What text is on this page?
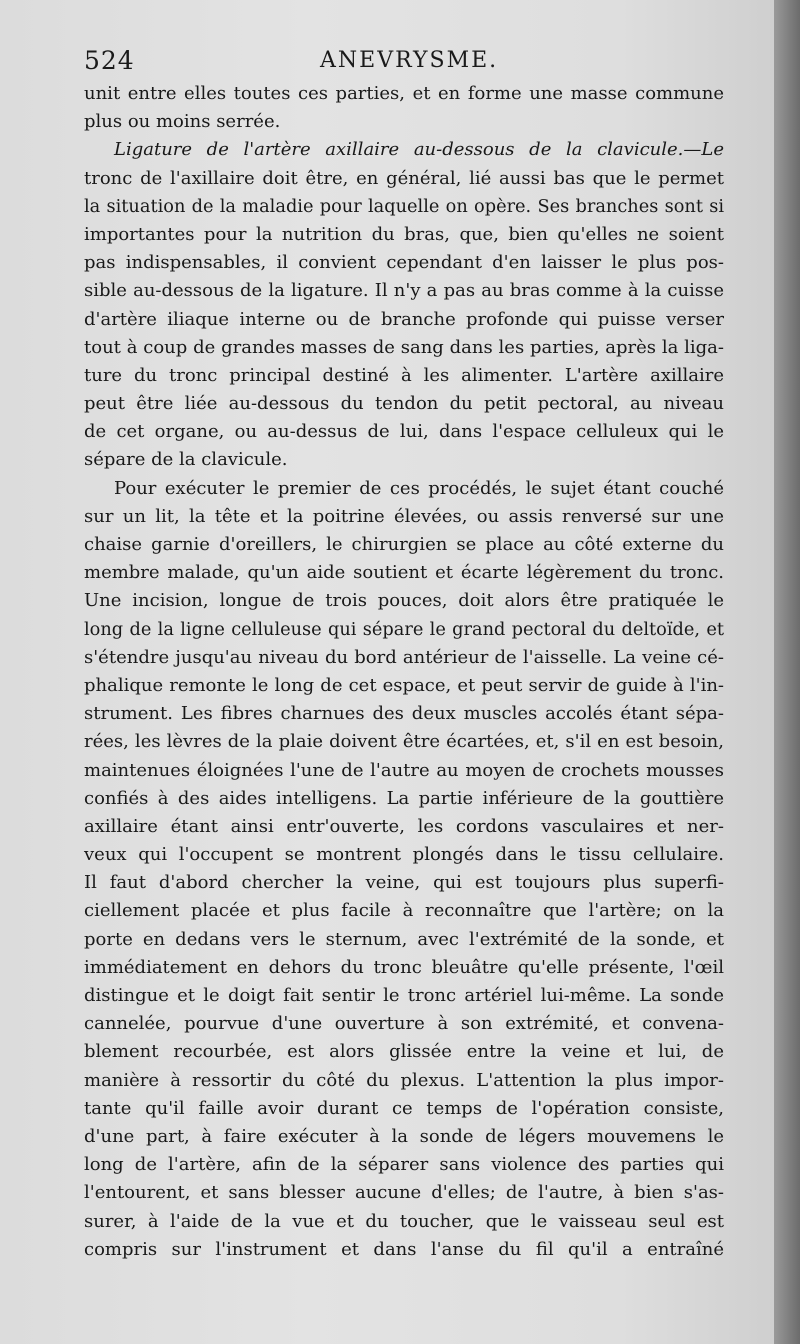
524	ANEVRYSME.
unit entre elles toutes ces parties, et en forme une masse commune
plus ou moins serrée.
Ligature de l'artère axillaire au-dessous de la clavicule.—Le
tronc de l'axillaire doit être, en général, lié aussi bas que le permet
la situation de la maladie pour laquelle on opère. Ses branches sont si
importantes pour la nutrition du bras, que, bien qu'elles ne soient
pas indispensables, il convient cependant d'en laisser le plus pos-
sible au-dessous de la ligature. Il n'y a pas au bras comme à la cuisse
d'artère iliaque interne ou de branche profonde qui puisse verser
tout à coup de grandes masses de sang dans les parties, après la liga-
ture du tronc principal destiné à les alimenter. L'artère axillaire
peut être liée au-dessous du tendon du petit pectoral, au niveau
de cet organe, ou au-dessus de lui, dans l'espace celluleux qui le
sépare de la clavicule.
Pour exécuter le premier de ces procédés, le sujet étant couché
sur un lit, la tête et la poitrine élevées, ou assis renversé sur une
chaise garnie d'oreillers, le chirurgien se place au côté externe du
membre malade, qu'un aide soutient et écarte légèrement du tronc.
Une incision, longue de trois pouces, doit alors être pratiquée le
long de la ligne celluleuse qui sépare le grand pectoral du deltoïde, et
s'étendre jusqu'au niveau du bord antérieur de l'aisselle. La veine cé-
phalique remonte le long de cet espace, et peut servir de guide à l'in-
strument. Les fibres charnues des deux muscles accolés étant sépa-
rées, les lèvres de la plaie doivent être écartées, et, s'il en est besoin,
maintenues éloignées l'une de l'autre au moyen de crochets mousses
confiés à des aides intelligens. La partie inférieure de la gouttière
axillaire étant ainsi entr'ouverte, les cordons vasculaires et ner-
veux qui l'occupent se montrent plongés dans le tissu cellulaire.
Il faut d'abord chercher la veine, qui est toujours plus superfi-
ciellement placée et plus facile à reconnaître que l'artère; on la
porte en dedans vers le sternum, avec l'extrémité de la sonde, et
immédiatement en dehors du tronc bleuâtre qu'elle présente, l'œil
distingue et le doigt fait sentir le tronc artériel lui-même. La sonde
cannelée, pourvue d'une ouverture à son extrémité, et convena-
blement recourbée, est alors glissée entre la veine et lui, de
manière à ressortir du côté du plexus. L'attention la plus impor-
tante qu'il faille avoir durant ce temps de l'opération consiste,
d'une part, à faire exécuter à la sonde de légers mouvemens le
long de l'artère, afin de la séparer sans violence des parties qui
l'entourent, et sans blesser aucune d'elles; de l'autre, à bien s'as-
surer, à l'aide de la vue et du toucher, que le vaisseau seul est
compris sur l'instrument et dans l'anse du fil qu'il a entraîné
